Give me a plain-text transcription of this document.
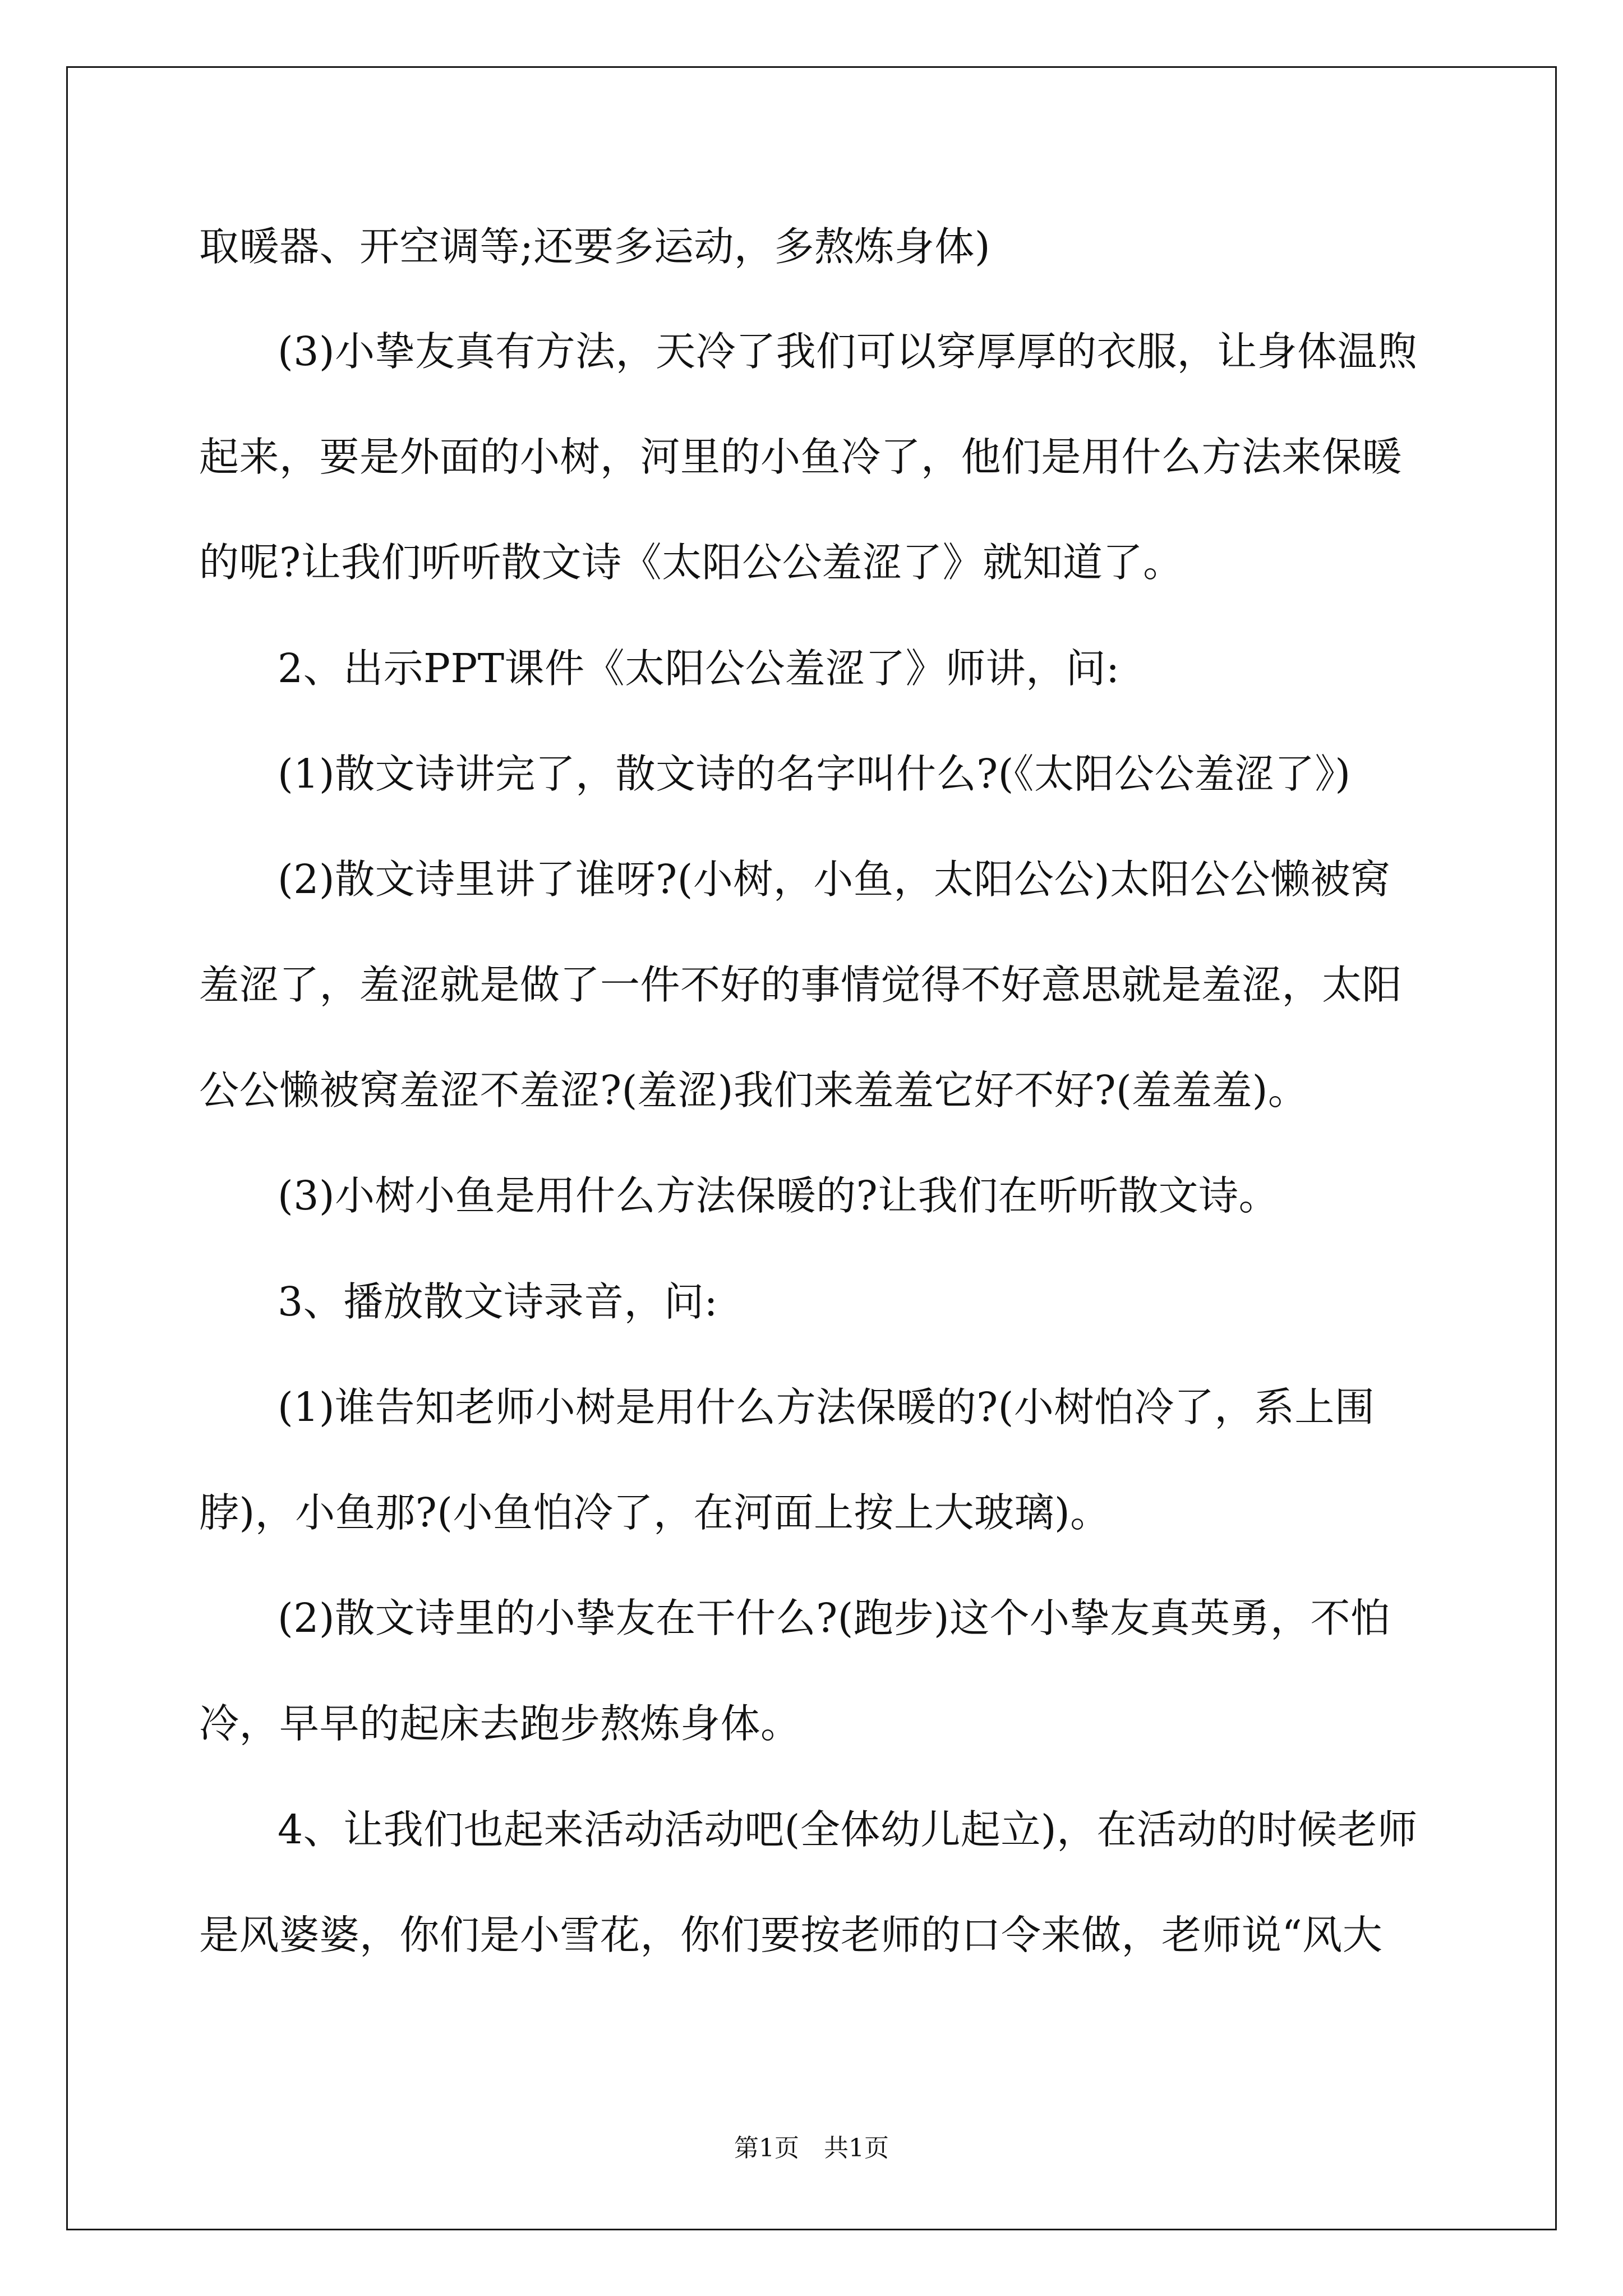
取暖器、开空调等;还要多运动，多熬炼身体)
(3)小挚友真有方法，天冷了我们可以穿厚厚的衣服，让身体温煦
起来，要是外面的小树，河里的小鱼冷了，他们是用什么方法来保暖
的呢?让我们听听散文诗《太阳公公羞涩了》就知道了。
2、出示PPT课件《太阳公公羞涩了》师讲，问:
(1)散文诗讲完了，散文诗的名字叫什么?(《太阳公公羞涩了》)
(2)散文诗里讲了谁呀?(小树，小鱼，太阳公公)太阳公公懒被窝
羞涩了，羞涩就是做了一件不好的事情觉得不好意思就是羞涩，太阳
公公懒被窝羞涩不羞涩?(羞涩)我们来羞羞它好不好?(羞羞羞)。
(3)小树小鱼是用什么方法保暖的?让我们在听听散文诗。
3、播放散文诗录音，问:
(1)谁告知老师小树是用什么方法保暖的?(小树怕冷了，系上围
脖)，小鱼那?(小鱼怕冷了，在河面上按上大玻璃)。
(2)散文诗里的小挚友在干什么?(跑步)这个小挚友真英勇，不怕
冷，早早的起床去跑步熬炼身体。
4、让我们也起来活动活动吧(全体幼儿起立)，在活动的时候老师
是风婆婆，你们是小雪花，你们要按老师的口令来做，老师说“风大
第1页　共1页
